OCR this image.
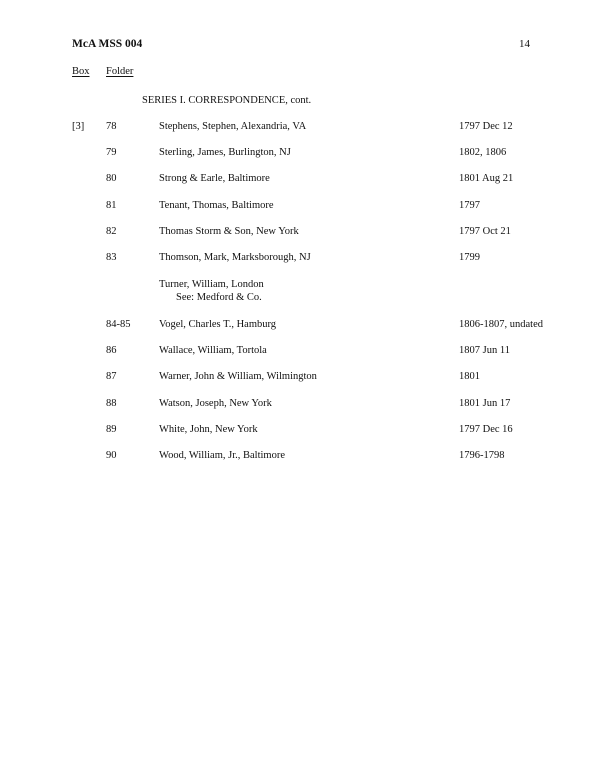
McA MSS 004	14
Box Folder
SERIES I. CORRESPONDENCE, cont.
[3] 78	Stephens, Stephen, Alexandria, VA	1797 Dec 12
79	Sterling, James, Burlington, NJ	1802, 1806
80	Strong & Earle, Baltimore	1801 Aug 21
81	Tenant, Thomas, Baltimore	1797
82	Thomas Storm & Son, New York	1797 Oct 21
83	Thomson, Mark, Marksborough, NJ	1799
Turner, William, London
See: Medford & Co.
84-85	Vogel, Charles T., Hamburg	1806-1807, undated
86	Wallace, William, Tortola	1807 Jun 11
87	Warner, John & William, Wilmington	1801
88	Watson, Joseph, New York	1801 Jun 17
89	White, John, New York	1797 Dec 16
90	Wood, William, Jr., Baltimore	1796-1798
